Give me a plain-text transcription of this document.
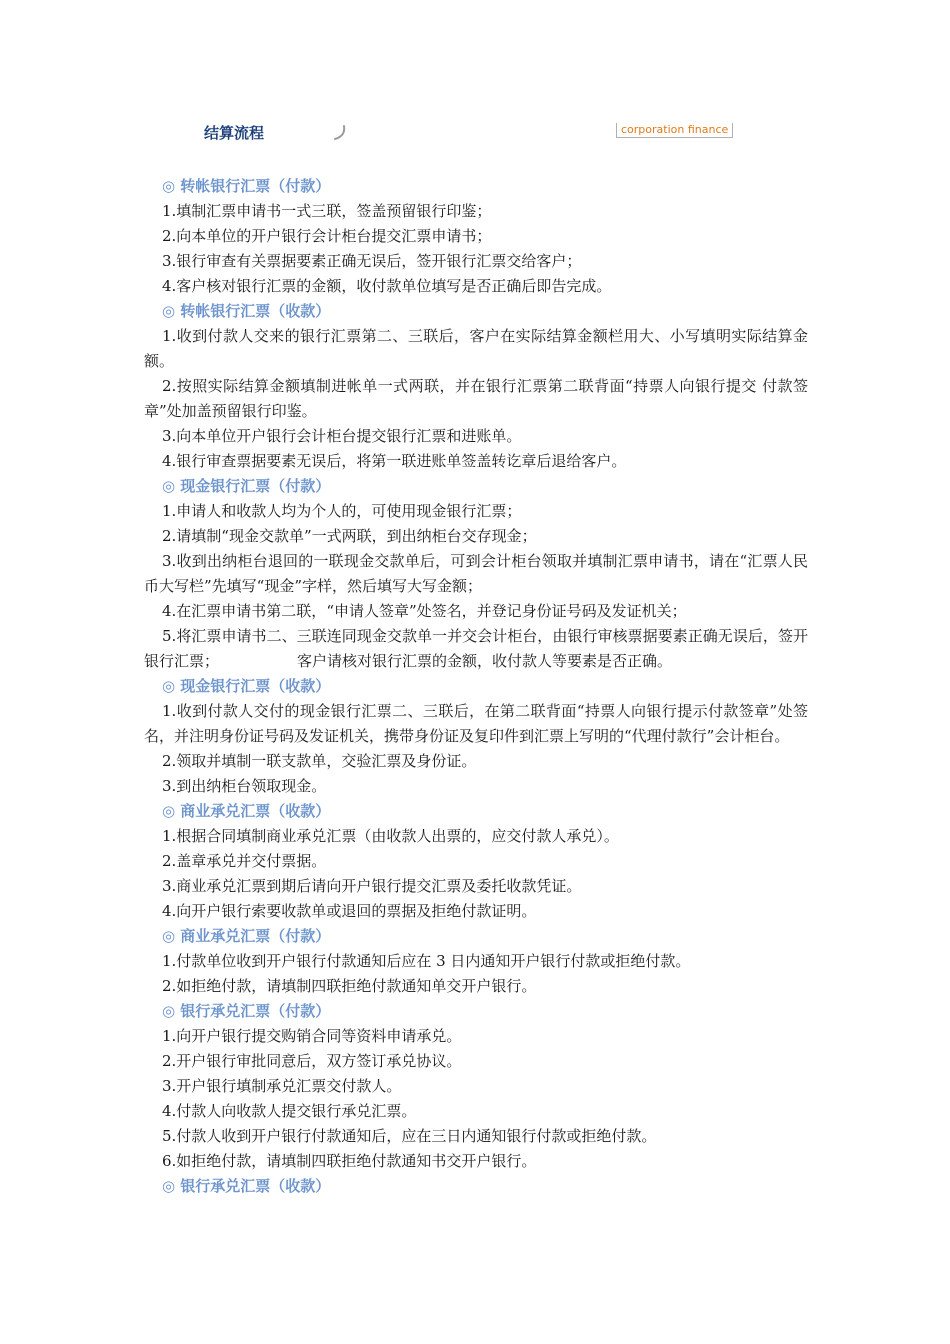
结算流程	corporation finance
◎ 转帐银行汇票（付款）

1.填制汇票申请书一式三联，签盖预留银行印鉴；

2.向本单位的开户银行会计柜台提交汇票申请书；

3.银行审查有关票据要素正确无误后，签开银行汇票交给客户；

4.客户核对银行汇票的金额，收付款单位填写是否正确后即告完成。

◎ 转帐银行汇票（收款）

1.收到付款人交来的银行汇票第二、三联后，客户在实际结算金额栏用大、小写填明实际结算金额。

2.按照实际结算金额填制进帐单一式两联，并在银行汇票第二联背面“持票人向银行提交 付款签章”处加盖预留银行印鉴。

3.向本单位开户银行会计柜台提交银行汇票和进账单。

4.银行审查票据要素无误后，将第一联进账单签盖转讫章后退给客户。

◎ 现金银行汇票（付款）

1.申请人和收款人均为个人的，可使用现金银行汇票；

2.请填制“现金交款单”一式两联，到出纳柜台交存现金；

3.收到出纳柜台退回的一联现金交款单后，可到会计柜台领取并填制汇票申请书，请在“汇票人民币大写栏”先填写“现金”字样，然后填写大写金额；

4.在汇票申请书第二联，“申请人签章”处签名，并登记身份证号码及发证机关；

5.将汇票申请书二、三联连同现金交款单一并交会计柜台，由银行审核票据要素正确无误后，签开银行汇票；	客户请核对银行汇票的金额，收付款人等要素是否正确。

◎ 现金银行汇票（收款）

1.收到付款人交付的现金银行汇票二、三联后，在第二联背面“持票人向银行提示付款签章”处签名，并注明身份证号码及发证机关，携带身份证及复印件到汇票上写明的“代理付款行”会计柜台。

2.领取并填制一联支款单，交验汇票及身份证。

3.到出纳柜台领取现金。

◎ 商业承兑汇票（收款）

1.根据合同填制商业承兑汇票（由收款人出票的，应交付款人承兑）。

2.盖章承兑并交付票据。

3.商业承兑汇票到期后请向开户银行提交汇票及委托收款凭证。

4.向开户银行索要收款单或退回的票据及拒绝付款证明。

◎ 商业承兑汇票（付款）

1.付款单位收到开户银行付款通知后应在 3 日内通知开户银行付款或拒绝付款。

2.如拒绝付款，请填制四联拒绝付款通知单交开户银行。

◎ 银行承兑汇票（付款）

1.向开户银行提交购销合同等资料申请承兑。

2.开户银行审批同意后，双方签订承兑协议。

3.开户银行填制承兑汇票交付款人。

4.付款人向收款人提交银行承兑汇票。

5.付款人收到开户银行付款通知后，应在三日内通知银行付款或拒绝付款。

6.如拒绝付款，请填制四联拒绝付款通知书交开户银行。

◎ 银行承兑汇票（收款）
